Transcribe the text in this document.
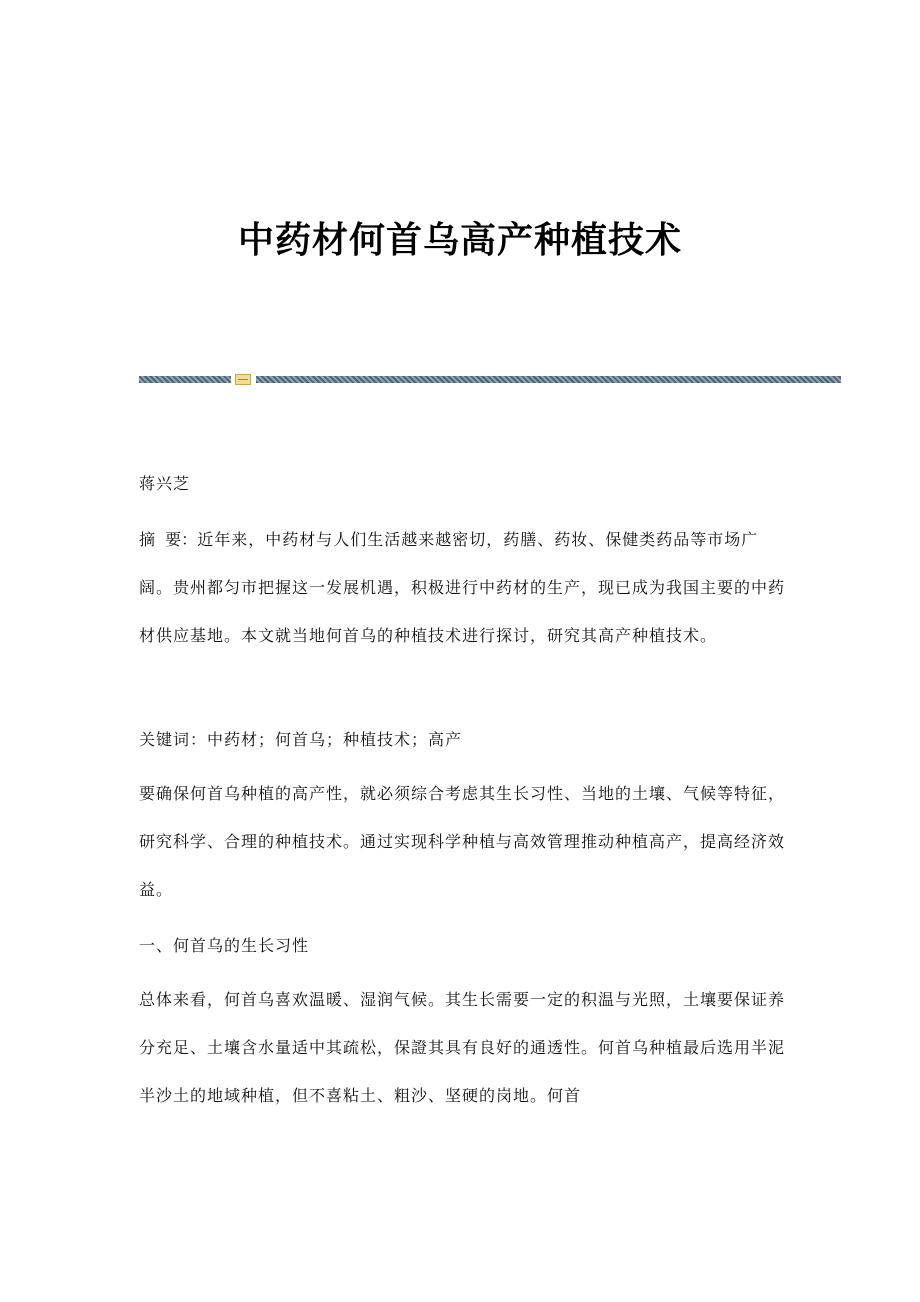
中药材何首乌高产种植技术

蒋兴芝

摘  要：近年来，中药材与人们生活越来越密切，药膳、药妆、保健类药品等市场广阔。贵州都匀市把握这一发展机遇，积极进行中药材的生产，现已成为我国主要的中药材供应基地。本文就当地何首乌的种植技术进行探讨，研究其高产种植技术。

关键词：中药材；何首乌；种植技术；高产

要确保何首乌种植的高产性，就必须综合考虑其生长习性、当地的土壤、气候等特征，研究科学、合理的种植技术。通过实现科学种植与高效管理推动种植高产，提高经济效益。

一、何首乌的生长习性

总体来看，何首乌喜欢温暖、湿润气候。其生长需要一定的积温与光照，土壤要保证养分充足、土壤含水量适中其疏松，保證其具有良好的通透性。何首乌种植最后选用半泥半沙土的地域种植，但不喜粘土、粗沙、坚硬的岗地。何首
